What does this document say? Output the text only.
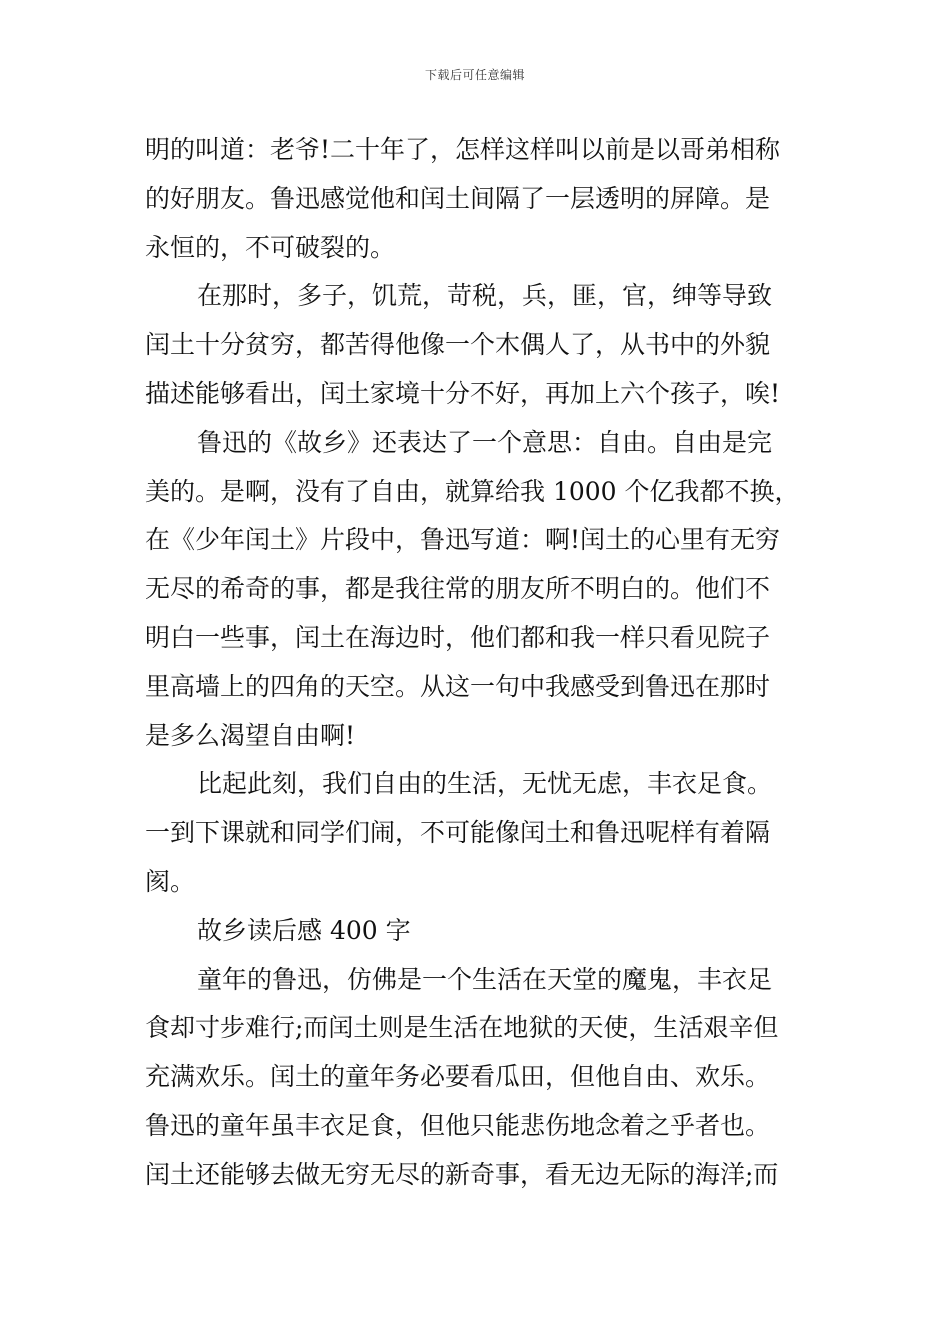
下载后可任意编辑
明的叫道：老爷!二十年了，怎样这样叫以前是以哥弟相称
的好朋友。鲁迅感觉他和闰土间隔了一层透明的屏障。是
永恒的，不可破裂的。
在那时，多子，饥荒，苛税，兵，匪，官，绅等导致
闰土十分贫穷，都苦得他像一个木偶人了，从书中的外貌
描述能够看出，闰土家境十分不好，再加上六个孩子，唉!
鲁迅的《故乡》还表达了一个意思：自由。自由是完
美的。是啊，没有了自由，就算给我 1000 个亿我都不换，
在《少年闰土》片段中，鲁迅写道：啊!闰土的心里有无穷
无尽的希奇的事，都是我往常的朋友所不明白的。他们不
明白一些事，闰土在海边时，他们都和我一样只看见院子
里高墙上的四角的天空。从这一句中我感受到鲁迅在那时
是多么渴望自由啊!
比起此刻，我们自由的生活，无忧无虑，丰衣足食。
一到下课就和同学们闹，不可能像闰土和鲁迅呢样有着隔
阂。
故乡读后感 400 字
童年的鲁迅，仿佛是一个生活在天堂的魔鬼，丰衣足
食却寸步难行;而闰土则是生活在地狱的天使，生活艰辛但
充满欢乐。闰土的童年务必要看瓜田，但他自由、欢乐。
鲁迅的童年虽丰衣足食，但他只能悲伤地念着之乎者也。
闰土还能够去做无穷无尽的新奇事，看无边无际的海洋;而
